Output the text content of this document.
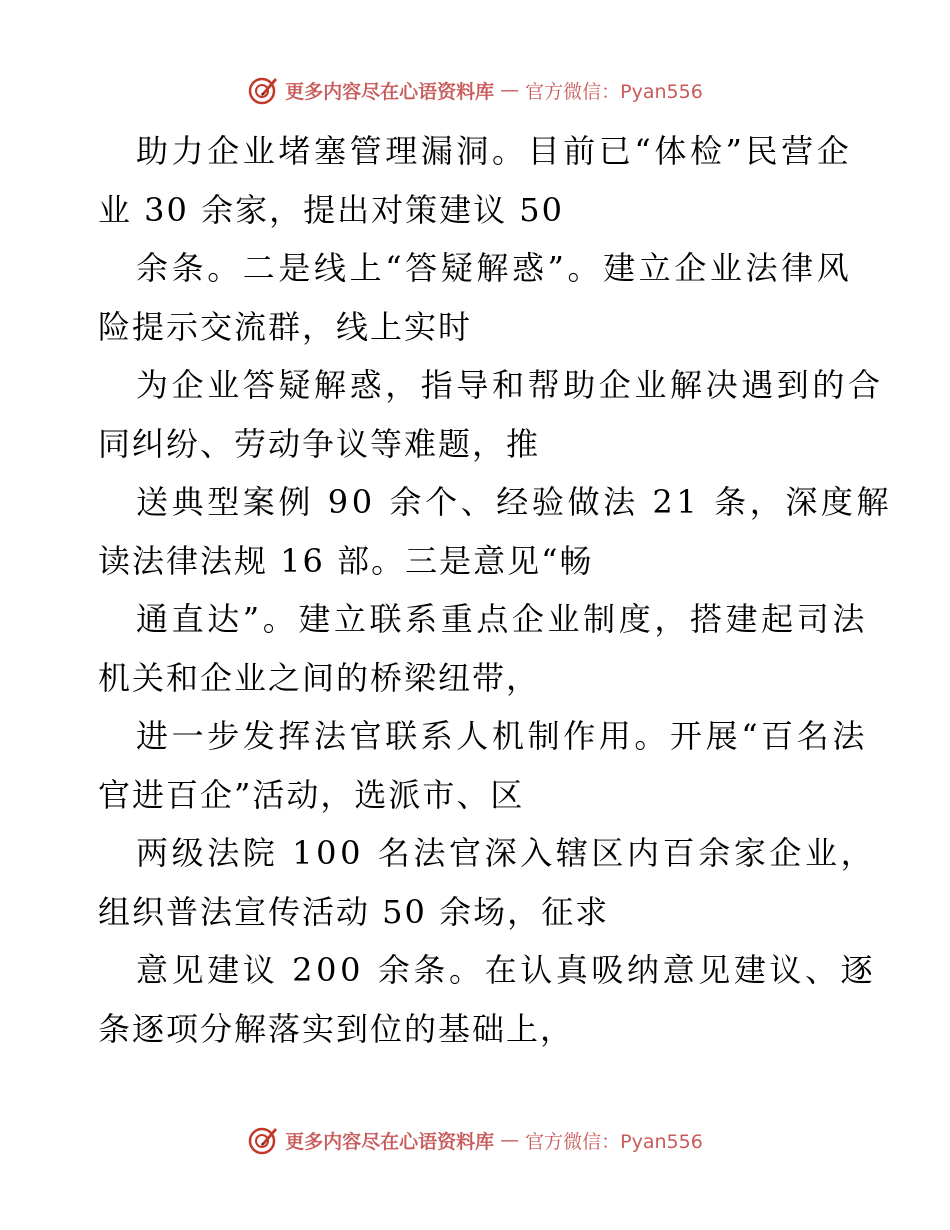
更多内容尽在心语资料库 — 官方微信：Pyan556
助力企业堵塞管理漏洞。目前已“体检”民营企
业 30 余家，提出对策建议 50
余条。二是线上“答疑解惑”。建立企业法律风
险提示交流群，线上实时
为企业答疑解惑，指导和帮助企业解决遇到的合
同纠纷、劳动争议等难题，推
送典型案例 90 余个、经验做法 21 条，深度解
读法律法规 16 部。三是意见“畅
通直达”。建立联系重点企业制度，搭建起司法
机关和企业之间的桥梁纽带，
进一步发挥法官联系人机制作用。开展“百名法
官进百企”活动，选派市、区
两级法院 100 名法官深入辖区内百余家企业，
组织普法宣传活动 50 余场，征求
意见建议 200 余条。在认真吸纳意见建议、逐
条逐项分解落实到位的基础上，
更多内容尽在心语资料库 — 官方微信：Pyan556
